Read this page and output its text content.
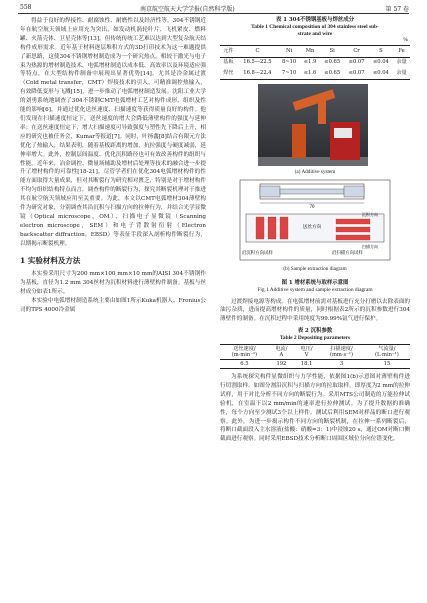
558	南京航空航天大学学报(自然科学版)	第 57 卷

得益于良好的焊接性、耐腐蚀性、耐磨性以及经济性等，304不锈钢近年在航空航天领域上应用充为突出，如发动机涡轮叶片、飞机紧皮、燃料罐、火箭壳体、卫星壳体等[13]。但传统传统工艺难以达到大型复杂航天结构件成形需求。近年基于材料逐层堆积方式的3D打印技术为这一难题提供了新思路，这使304不锈钢增材制造成为一个研究热点。相较于激光与电子束为热源的增材制造技术，电弧增材制造以成本低、高效率以及环境适应强等特点，在大型结构件制备中展现出显著优势[14]。尤其是冷金属过渡（Cold metal transfer，CMT）焊接技术的引入，可精准调控热输入，有效降低变形与飞溅[15]，进一步推动了电弧增材制造发展。沈阳工业大学的刘勇系统地调查了304不锈钢CMT电弧增材工艺对构件成形、组织及性能的影响[6]，并通过优化送丝速度、扫描速度等获得质量良好的构件。他们发现在扫描速度恒定下，送丝速度的增大会降低薄壁构件的强度与延伸率；在送丝速度恒定下，增大扫描速度可导致强度与塑性先下降后上升，相应的研究也被任务会，Kumar等报道[7]。同时，叶扬鑫[8]结合有限元方法优化了热输入，结果表明，随着基板距离的增加，抗拉强度与硬度减弱，延伸率增大。此外，控制层间温度、优化沉积路径也可有效改善构件的组织与性能。近年来，冶金调控、微量场辅助及增材后处理等技术的融合进一步提升了增材构件的可靠性[18-21]。尽管学者们在优化304电弧增材构件的性能方面取得大量成果，但对其断裂行为研究相对匮乏，特别是对于增材构件不均匀组织结构特点而言，调查构件的断裂行为，探究其断裂机理对于推进其在航空航天领域应用至关重要。为此，本文以CMT电弧增材304薄壁构件为研究对象，分别调查其沿沉积与扫描方向的拉伸行为，并结合光学显微镜（Optical microscope，OM）、扫描电子显微镜（Scanning electron microscope，SEM）和电子背散射衍射（Electron backscatter diffraction，EBSD）等表征手段深入剖析构件断裂行为，以期揭示断裂机理。

1 实验材料及方法

本实验采用尺寸为200 mm×100 mm×10 mm的AISI 304不锈钢作为基板，直径为1.2 mm 304丝材为沉积材料进行薄壁构件制备。基板与丝材成分如表1所示。

本实验中电弧增材制造系统主要由如图1所示Kuka机器人、Fronius公司的TPS 4000冷金属

表 1 304不锈钢基板与焊丝成分

Table 1 Chemical composition of 304 stainless steel sub-

strate and wire

%

元件	C	Ni	Mn	Si	Cr	S	Fe
基板	16.5—22.5	8~10	≤1.9	≤0.65	≤0.07	≤0.04	余量
焊丝	16.8—22.4	7~10	≤1.6	≤0.65	≤0.07	≤0.04	余量
(a) Additive system
70
送丝方向
沿沉积方向试样	沿扫描方向试样
沉积方向
扫描方向
(b) Sample extraction diagram

图 1 增材系统与取样示意图

Fig.1 Additive system and sample extraction diagram

过渡焊接电源等构成。在电弧增材前需对基板进行充分打磨以去除表面的油污杂质，进而提高增材构件的质量，同时根据表2所示的沉积参数进行304薄壁件的制备。在沉积过程中采用纯度为99.99%氩气进行保护。

表 2 沉积参数

Table 2 Depositing parameters

送丝速度/
(m·min⁻¹)	电流/
A	电压/
V	扫描速度/
(mm·s⁻¹)	气流量/
(L·min⁻¹)
6.5	192	18.1	3	15

为系统探究构件显微组织与力学性能，依据图1(b)示意图对薄壁构件进行切割取样。如图分割沿沉积与扫描方向的拉取取样，即厚度为2 mm的拉伸试样，用于对比分析不同方向的断裂行为。采用MTS公司制造的万能拉伸试验机，在室温下以2 mm/min的速率进行拉伸测试。为了提升数据的准确性，每个方向至少测试3个以上样件。测试后利用SEM对样品的断口进行观察。此外，为进一步揭示构件不同方向的断裂机制，在拉伸一系列断裂后，将断口截面段入主水溶液(盐酸：硝酸=3：1)中浸蚀20 s，通过OM对断口侧截面进行观察。同时采用EBSD技术分析断口周围区域位分向位错变化。
